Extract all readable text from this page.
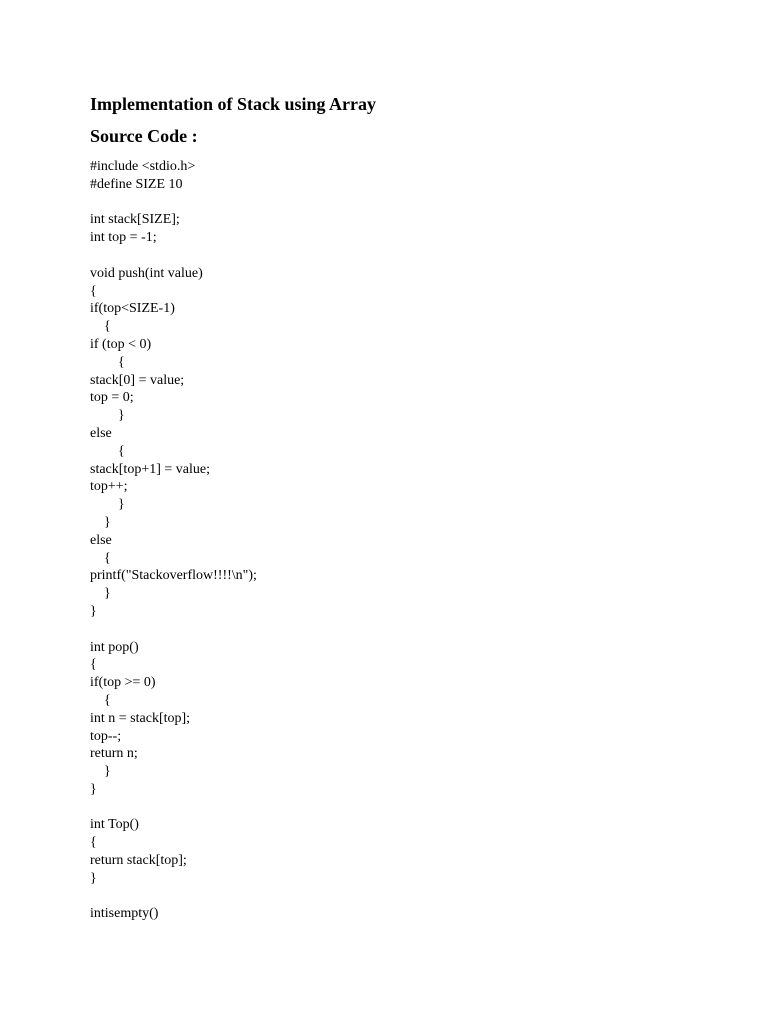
Implementation of Stack using Array
Source Code :
#include <stdio.h>
#define SIZE 10
int stack[SIZE];
int top = -1;
void push(int value)
{
if(top<SIZE-1)
{
if (top < 0)
{
stack[0] = value;
top = 0;
}
else
{
stack[top+1] = value;
top++;
}
}
else
{
printf("Stackoverflow!!!!\n");
}
}
int pop()
{
if(top >= 0)
{
int n = stack[top];
top--;
return n;
}
}
int Top()
{
return stack[top];
}
intisempty()
